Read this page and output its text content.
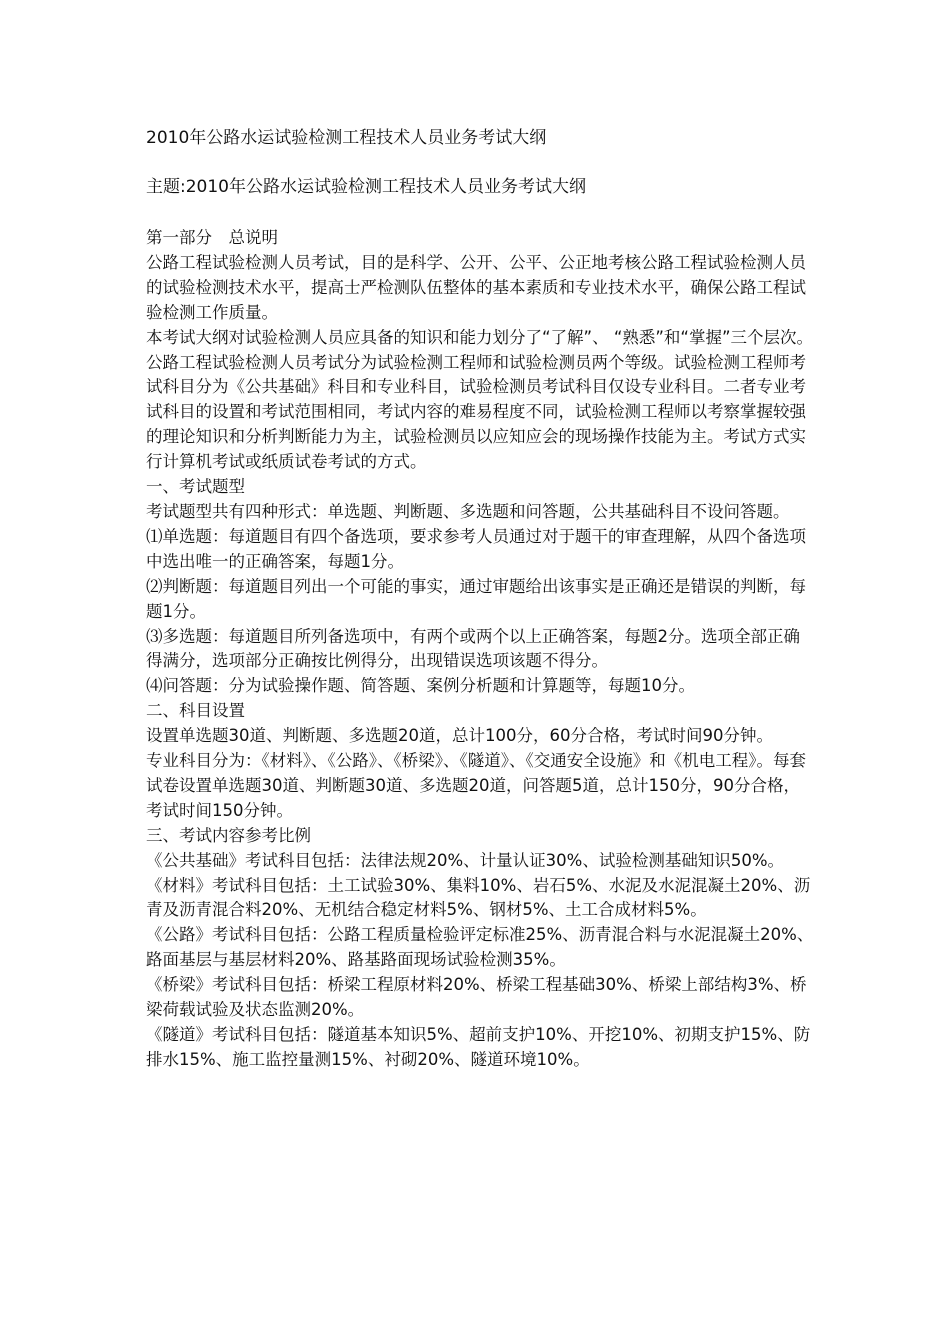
2010年公路水运试验检测工程技术人员业务考试大纲
主题:2010年公路水运试验检测工程技术人员业务考试大纲

第一部分　总说明

公路工程试验检测人员考试，目的是科学、公开、公平、公正地考核公路工程试验检测人员的试验检测技术水平，提高士严检测队伍整体的基本素质和专业技术水平，确保公路工程试验检测工作质量。

本考试大纲对试验检测人员应具备的知识和能力划分了“了解”、 “熟悉”和“掌握”三个层次。

公路工程试验检测人员考试分为试验检测工程师和试验检测员两个等级。试验检测工程师考试科目分为《公共基础》科目和专业科目，试验检测员考试科目仅设专业科目。二者专业考试科目的设置和考试范围相同，考试内容的难易程度不同，试验检测工程师以考察掌握较强的理论知识和分析判断能力为主，试验检测员以应知应会的现场操作技能为主。考试方式实行计算机考试或纸质试卷考试的方式。

一、考试题型

考试题型共有四种形式：单选题、判断题、多选题和问答题，公共基础科目不设问答题。

⑴单选题：每道题目有四个备选项，要求参考人员通过对于题干的审查理解，从四个备选项中选出唯一的正确答案，每题1分。

⑵判断题：每道题目列出一个可能的事实，通过审题给出该事实是正确还是错误的判断，每题1分。

⑶多选题：每道题目所列备选项中，有两个或两个以上正确答案，每题2分。选项全部正确得满分，选项部分正确按比例得分，出现错误选项该题不得分。

⑷问答题：分为试验操作题、简答题、案例分析题和计算题等，每题10分。

二、科目设置

设置单选题30道、判断题、多选题20道，总计100分，60分合格，考试时间90分钟。

专业科目分为：《材料》、《公路》、《桥梁》、《隧道》、《交通安全设施》和《机电工程》。每套试卷设置单选题30道、判断题30道、多选题20道，问答题5道，总计150分，90分合格，考试时间150分钟。

三、考试内容参考比例

《公共基础》考试科目包括：法律法规20%、计量认证30%、试验检测基础知识50%。

《材料》考试科目包括：土工试验30%、集料10%、岩石5%、水泥及水泥混凝土20%、沥青及沥青混合料20%、无机结合稳定材料5%、钢材5%、土工合成材料5%。

《公路》考试科目包括：公路工程质量检验评定标准25%、沥青混合料与水泥混凝土20%、路面基层与基层材料20%、路基路面现场试验检测35%。

《桥梁》考试科目包括：桥梁工程原材料20%、桥梁工程基础30%、桥梁上部结构3%、桥梁荷载试验及状态监测20%。

《隧道》考试科目包括：隧道基本知识5%、超前支护10%、开挖10%、初期支护15%、防排水15%、施工监控量测15%、衬砌20%、隧道环境10%。
